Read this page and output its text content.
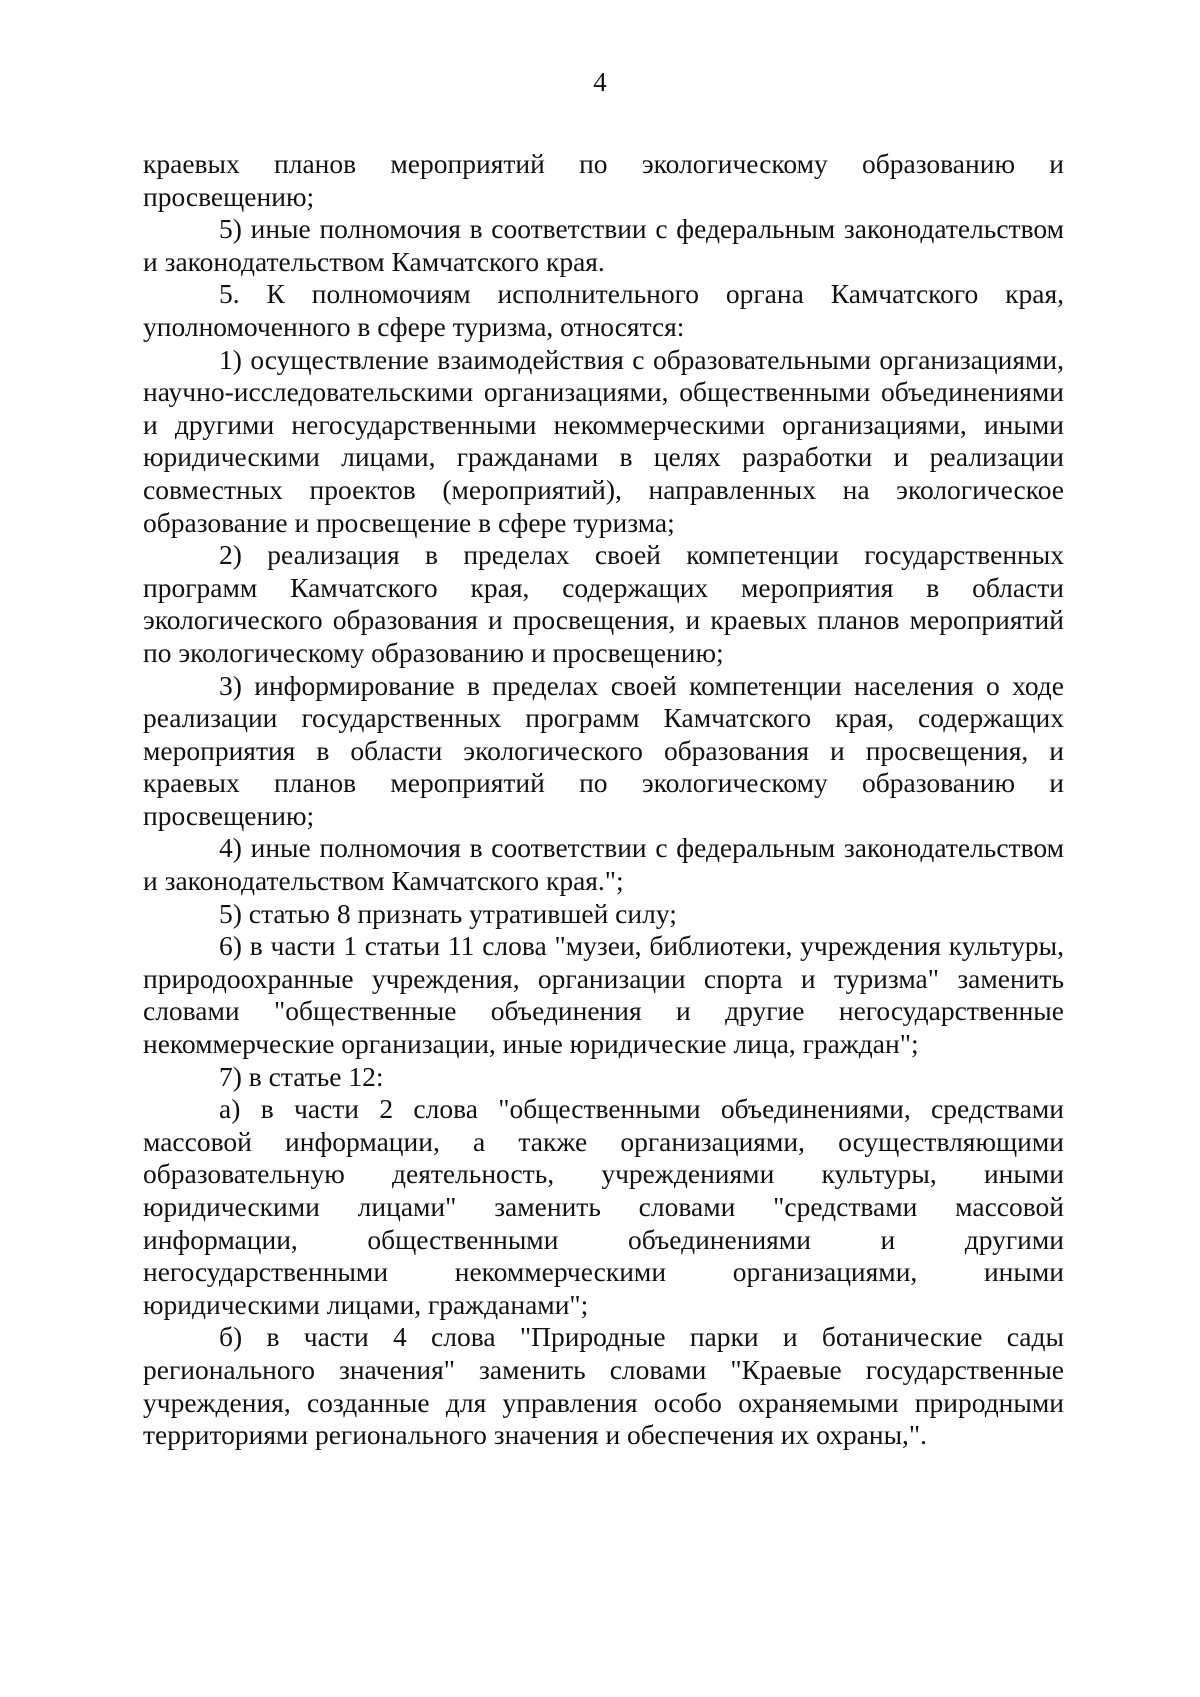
4

краевых планов мероприятий по экологическому образованию и просвещению;

5) иные полномочия в соответствии с федеральным законодательством и законодательством Камчатского края.

5. К полномочиям исполнительного органа Камчатского края, уполномоченного в сфере туризма, относятся:

1) осуществление взаимодействия с образовательными организациями, научно-исследовательскими организациями, общественными объединениями и другими негосударственными некоммерческими организациями, иными юридическими лицами, гражданами в целях разработки и реализации совместных проектов (мероприятий), направленных на экологическое образование и просвещение в сфере туризма;

2) реализация в пределах своей компетенции государственных программ Камчатского края, содержащих мероприятия в области экологического образования и просвещения, и краевых планов мероприятий по экологическому образованию и просвещению;

3) информирование в пределах своей компетенции населения о ходе реализации государственных программ Камчатского края, содержащих мероприятия в области экологического образования и просвещения, и краевых планов мероприятий по экологическому образованию и просвещению;

4) иные полномочия в соответствии с федеральным законодательством и законодательством Камчатского края.";

5) статью 8 признать утратившей силу;

6) в части 1 статьи 11 слова "музеи, библиотеки, учреждения культуры, природоохранные учреждения, организации спорта и туризма" заменить словами "общественные объединения и другие негосударственные некоммерческие организации, иные юридические лица, граждан";

7) в статье 12:

а) в части 2 слова "общественными объединениями, средствами массовой информации, а также организациями, осуществляющими образовательную деятельность, учреждениями культуры, иными юридическими лицами" заменить словами "средствами массовой информации, общественными объединениями и другими негосударственными некоммерческими организациями, иными юридическими лицами, гражданами";

б) в части 4 слова "Природные парки и ботанические сады регионального значения" заменить словами "Краевые государственные учреждения, созданные для управления особо охраняемыми природными территориями регионального значения и обеспечения их охраны,".
